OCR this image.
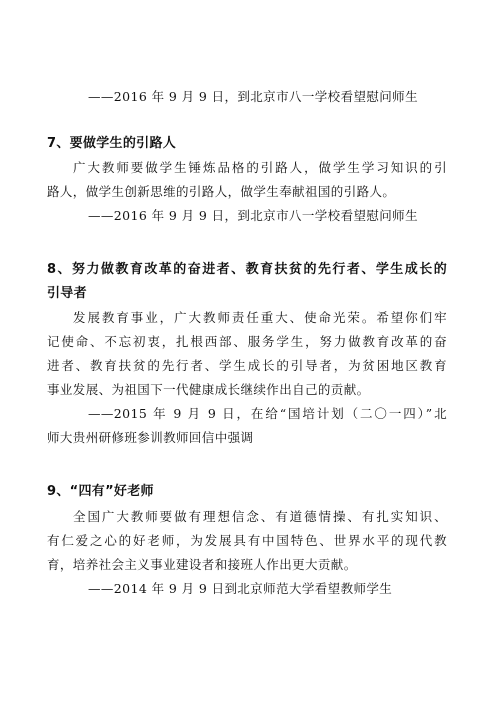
——2016 年 9 月 9 日，到北京市八一学校看望慰问师生
7、要做学生的引路人
广大教师要做学生锤炼品格的引路人，做学生学习知识的引
路人，做学生创新思维的引路人，做学生奉献祖国的引路人。
——2016 年 9 月 9 日，到北京市八一学校看望慰问师生
8、努力做教育改革的奋进者、教育扶贫的先行者、学生成长的
引导者
发展教育事业，广大教师责任重大、使命光荣。希望你们牢
记使命、不忘初衷，扎根西部、服务学生，努力做教育改革的奋
进者、教育扶贫的先行者、学生成长的引导者，为贫困地区教育
事业发展、为祖国下一代健康成长继续作出自己的贡献。
——2015 年 9 月 9 日，在给“国培计划（二〇一四）”北
师大贵州研修班参训教师回信中强调
9、“四有”好老师
全国广大教师要做有理想信念、有道德情操、有扎实知识、
有仁爱之心的好老师，为发展具有中国特色、世界水平的现代教
育，培养社会主义事业建设者和接班人作出更大贡献。
——2014 年 9 月 9 日到北京师范大学看望教师学生
